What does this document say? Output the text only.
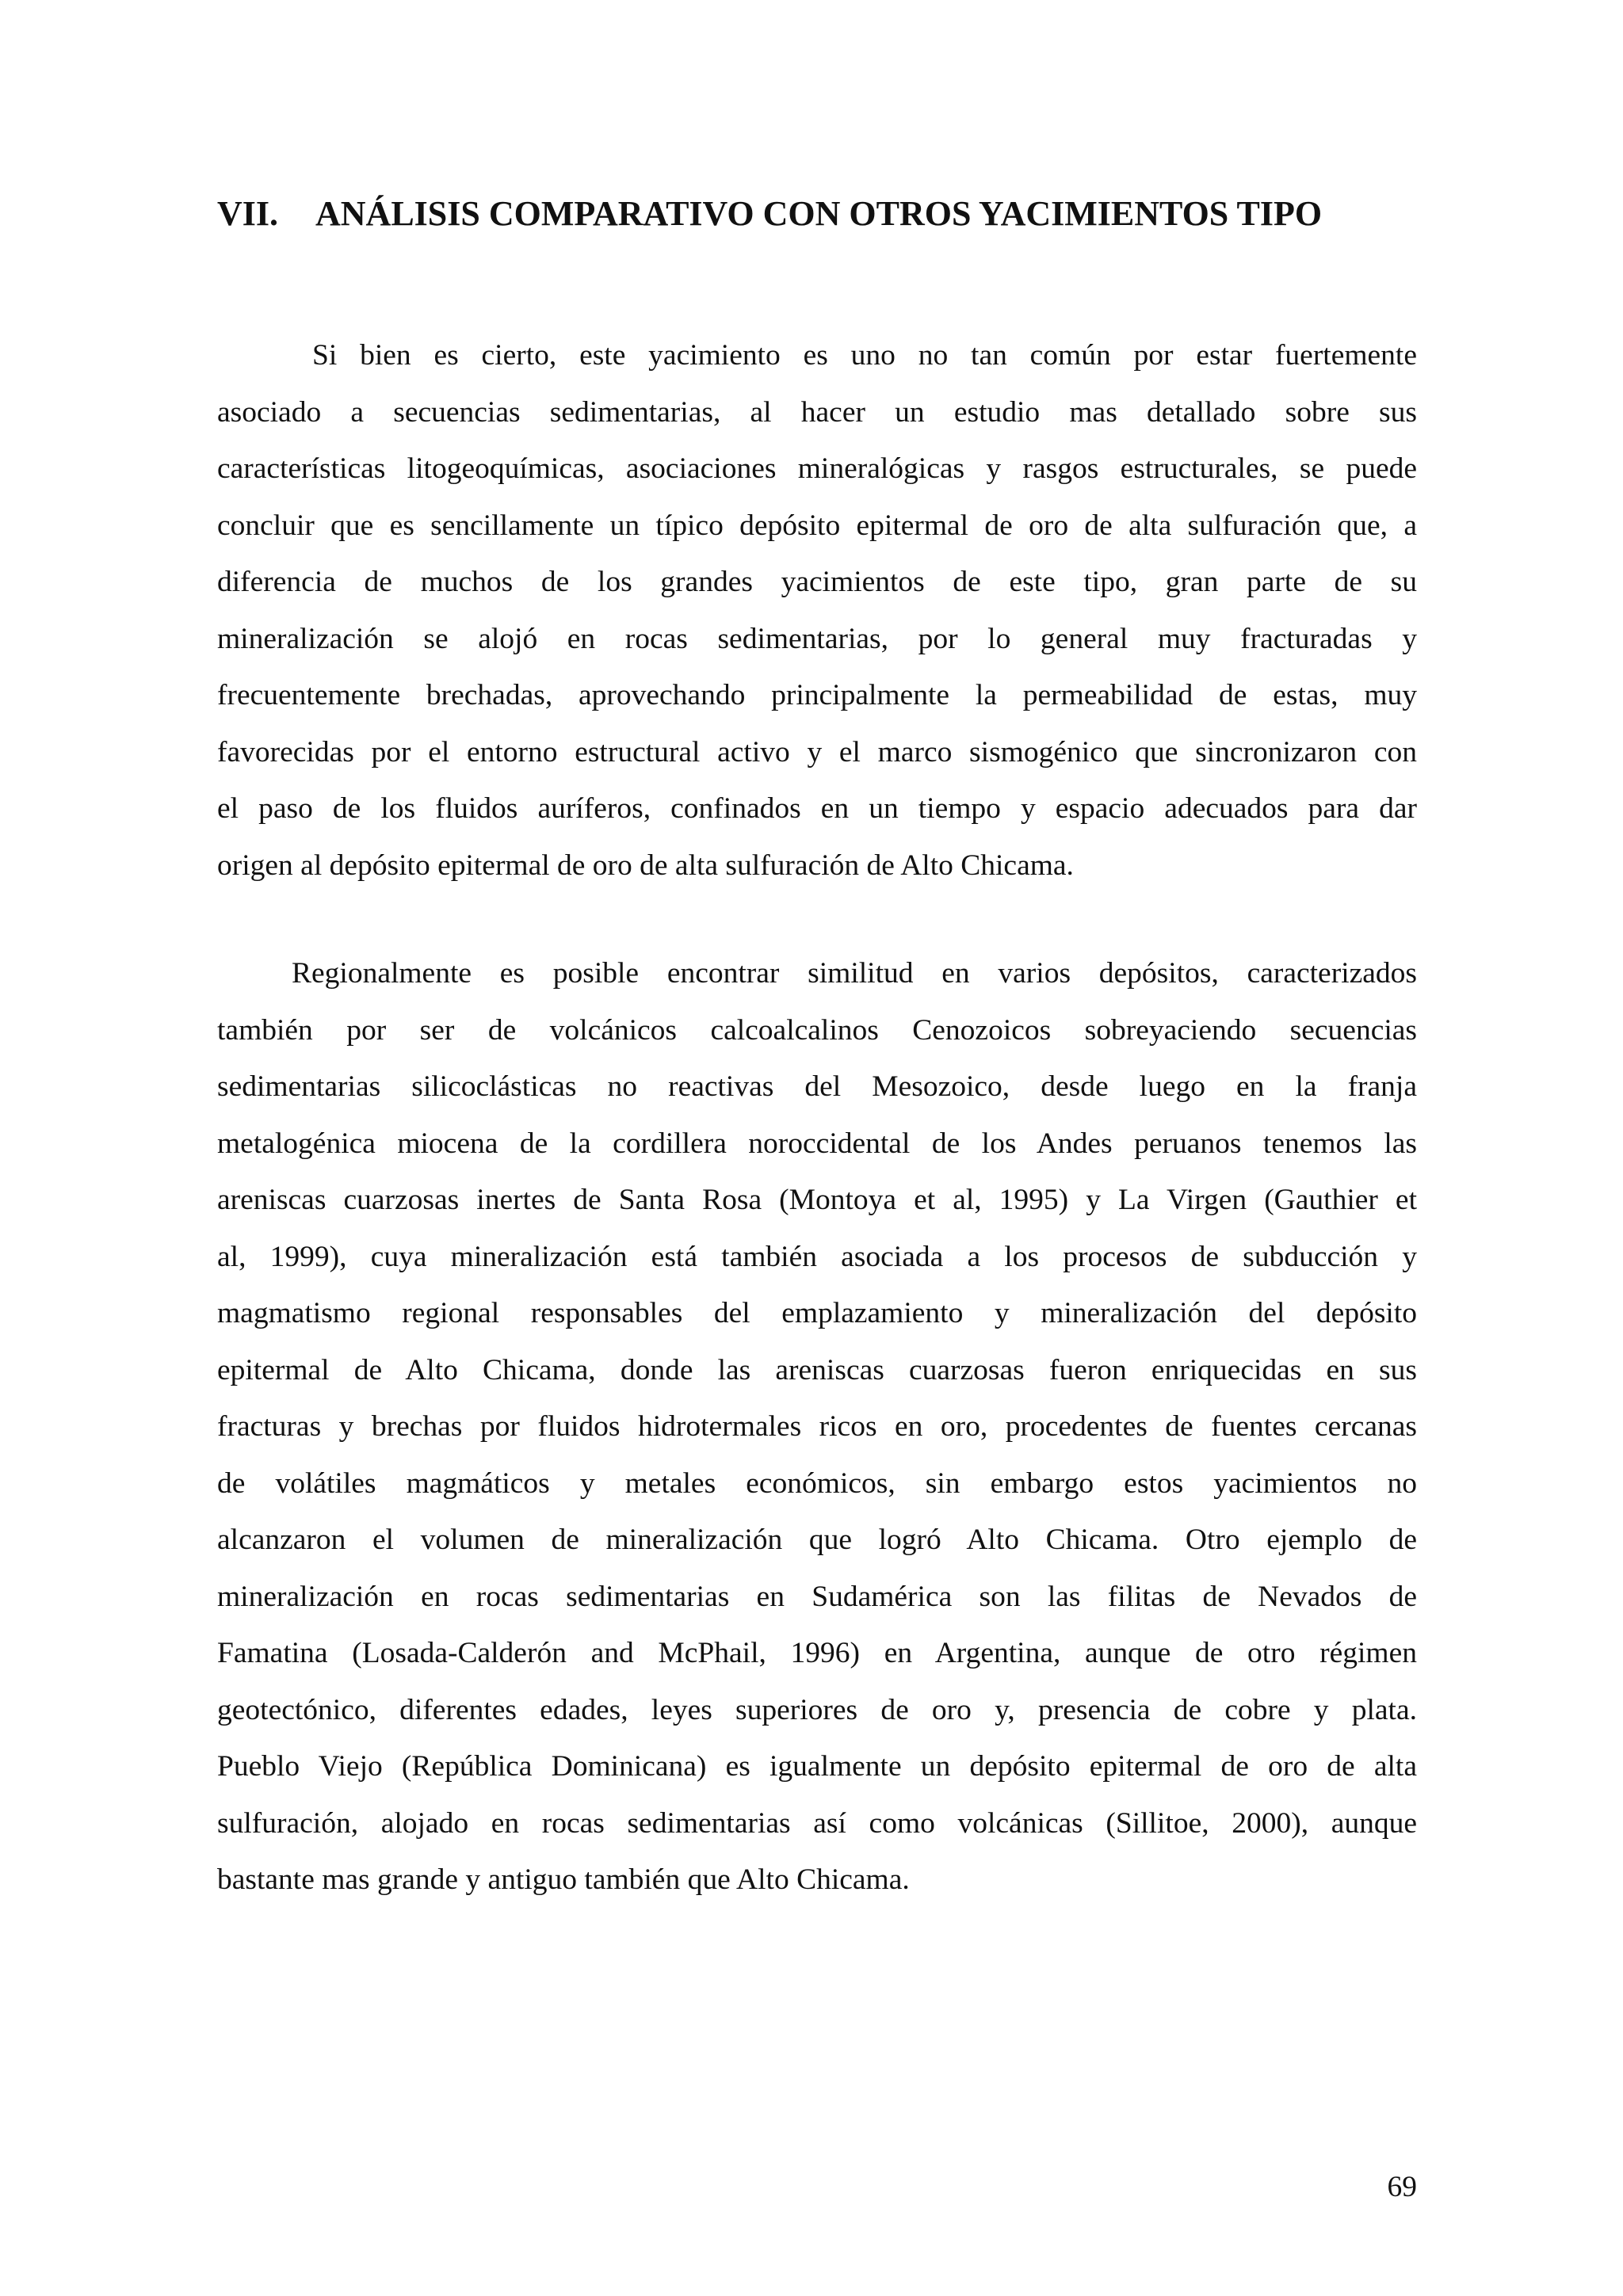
VII. ANÁLISIS COMPARATIVO CON OTROS YACIMIENTOS TIPO

Si bien es cierto, este yacimiento es uno no tan común por estar fuertemente
asociado a secuencias sedimentarias, al hacer un estudio mas detallado sobre sus
características litogeoquímicas, asociaciones mineralógicas y rasgos estructurales, se puede
concluir que es sencillamente un típico depósito epitermal de oro de alta sulfuración que, a
diferencia de muchos de los grandes yacimientos de este tipo, gran parte de su
mineralización se alojó en rocas sedimentarias, por lo general muy fracturadas y
frecuentemente brechadas, aprovechando principalmente la permeabilidad de estas, muy
favorecidas por el entorno estructural activo y el marco sismogénico que sincronizaron con
el paso de los fluidos auríferos, confinados en un tiempo y espacio adecuados para dar
origen al depósito epitermal de oro de alta sulfuración de Alto Chicama.

Regionalmente es posible encontrar similitud en varios depósitos, caracterizados
también por ser de volcánicos calcoalcalinos Cenozoicos sobreyaciendo secuencias
sedimentarias silicoclásticas no reactivas del Mesozoico, desde luego en la franja
metalogénica miocena de la cordillera noroccidental de los Andes peruanos tenemos las
areniscas cuarzosas inertes de Santa Rosa (Montoya et al, 1995) y La Virgen (Gauthier et
al, 1999), cuya mineralización está también asociada a los procesos de subducción y
magmatismo regional responsables del emplazamiento y mineralización del depósito
epitermal de Alto Chicama, donde las areniscas cuarzosas fueron enriquecidas en sus
fracturas y brechas por fluidos hidrotermales ricos en oro, procedentes de fuentes cercanas
de volátiles magmáticos y metales económicos, sin embargo estos yacimientos no
alcanzaron el volumen de mineralización que logró Alto Chicama. Otro ejemplo de
mineralización en rocas sedimentarias en Sudamérica son las filitas de Nevados de
Famatina (Losada-Calderón and McPhail, 1996) en Argentina, aunque de otro régimen
geotectónico, diferentes edades, leyes superiores de oro y, presencia de cobre y plata.
Pueblo Viejo (República Dominicana) es igualmente un depósito epitermal de oro de alta
sulfuración, alojado en rocas sedimentarias así como volcánicas (Sillitoe, 2000), aunque
bastante mas grande y antiguo también que Alto Chicama.

69
